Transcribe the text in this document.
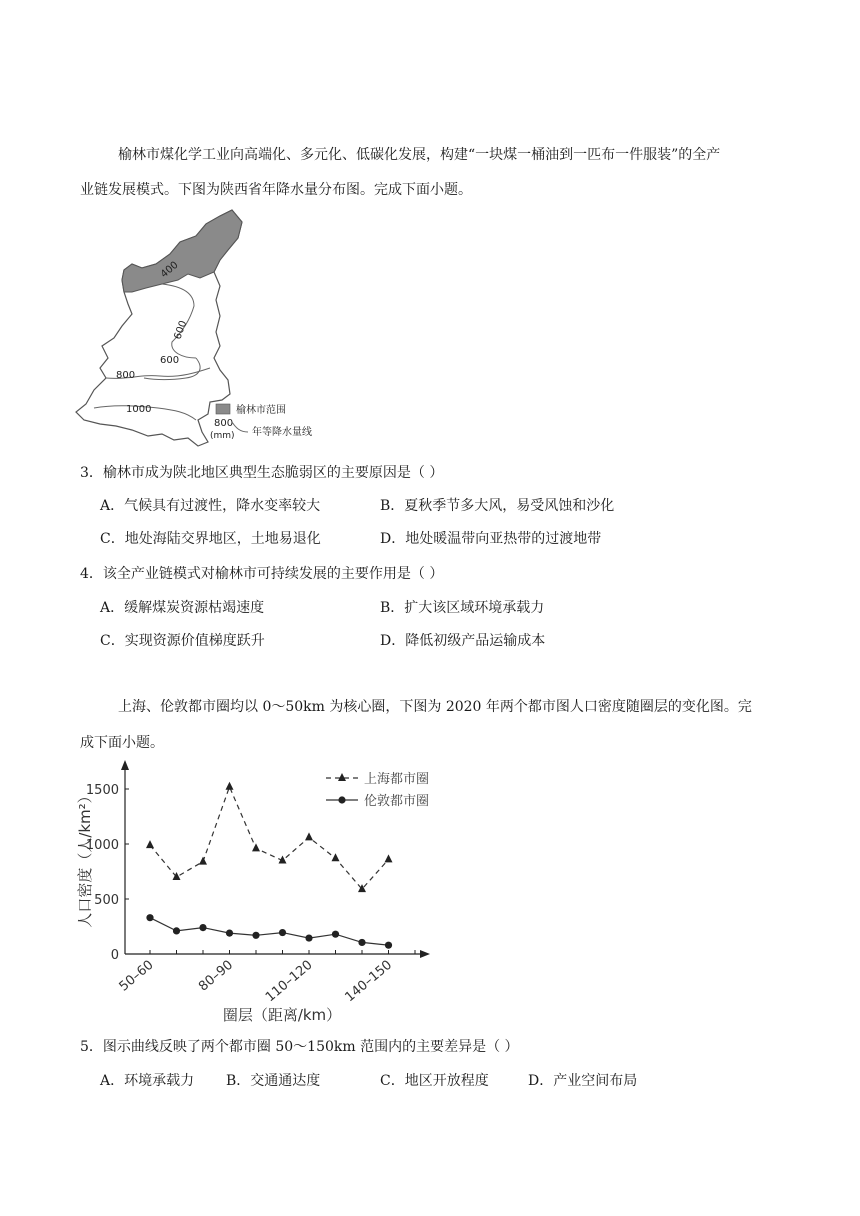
榆林市煤化学工业向高端化、多元化、低碳化发展，构建“一块煤一桶油到一匹布一件服装”的全产
业链发展模式。下图为陕西省年降水量分布图。完成下面小题。
400
600
600
800
1000	榆林市范围
800
(mm) 年等降水量线
3．榆林市成为陕北地区典型生态脆弱区的主要原因是（ ）
A．气候具有过渡性，降水变率较大	B．夏秋季节多大风，易受风蚀和沙化
C．地处海陆交界地区，土地易退化	D．地处暖温带向亚热带的过渡地带
4．该全产业链模式对榆林市可持续发展的主要作用是（ ）
A．缓解煤炭资源枯竭速度	B．扩大该区域环境承载力
C．实现资源价值梯度跃升	D．降低初级产品运输成本
上海、伦敦都市圈均以 0～50km 为核心圈，下图为 2020 年两个都市图人口密度随圈层的变化图。完
成下面小题。
人口密度（人/km²）
圈层（距离/km）
0
500
1000
1500
50–60	80–90 110–120 140–150
上海都市圈
伦敦都市圈
5．图示曲线反映了两个都市圈 50～150km 范围内的主要差异是（ ）
A．环境承载力 B．交通通达度	C．地区开放程度	D．产业空间布局
